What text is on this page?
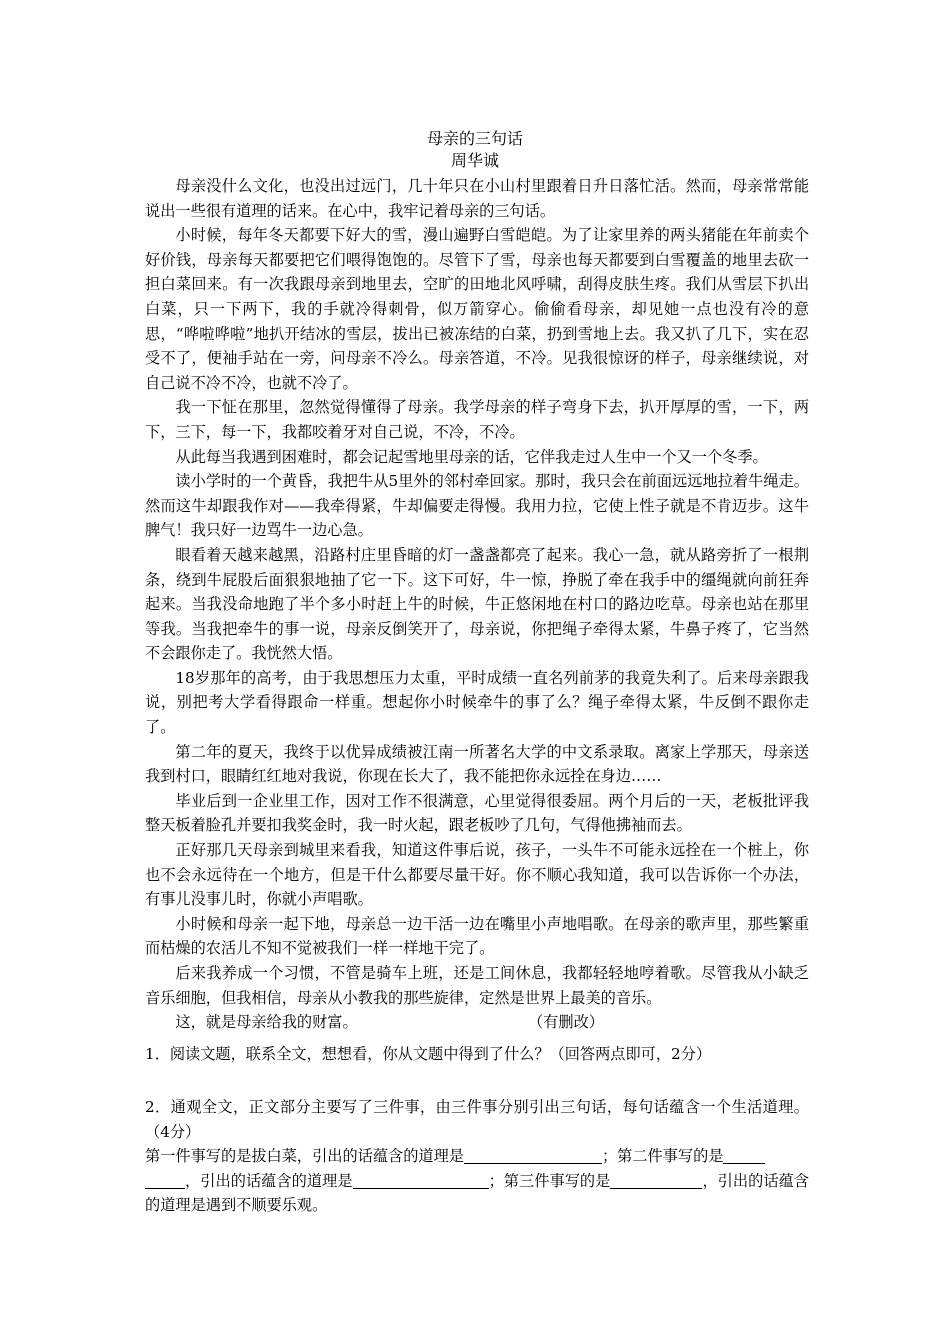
母亲的三句话
周华诚

母亲没什么文化，也没出过远门，几十年只在小山村里跟着日升日落忙活。然而，母亲常常能说出一些很有道理的话来。在心中，我牢记着母亲的三句话。

小时候，每年冬天都要下好大的雪，漫山遍野白雪皑皑。为了让家里养的两头猪能在年前卖个好价钱，母亲每天都要把它们喂得饱饱的。尽管下了雪，母亲也每天都要到白雪覆盖的地里去砍一担白菜回来。有一次我跟母亲到地里去，空旷的田地北风呼啸，刮得皮肤生疼。我们从雪层下扒出白菜，只一下两下，我的手就冷得刺骨，似万箭穿心。偷偷看母亲，却见她一点也没有冷的意思，“哗啦哗啦”地扒开结冰的雪层，拔出已被冻结的白菜，扔到雪地上去。我又扒了几下，实在忍受不了，便袖手站在一旁，问母亲不冷么。母亲答道，不冷。见我很惊讶的样子，母亲继续说，对自己说不冷不冷，也就不冷了。

我一下怔在那里，忽然觉得懂得了母亲。我学母亲的样子弯身下去，扒开厚厚的雪，一下，两下，三下，每一下，我都咬着牙对自己说，不冷，不冷。

从此每当我遇到困难时，都会记起雪地里母亲的话，它伴我走过人生中一个又一个冬季。

读小学时的一个黄昏，我把牛从5里外的邻村牵回家。那时，我只会在前面远远地拉着牛绳走。然而这牛却跟我作对——我牵得紧，牛却偏要走得慢。我用力拉，它使上性子就是不肯迈步。这牛脾气！我只好一边骂牛一边心急。

眼看着天越来越黑，沿路村庄里昏暗的灯一盏盏都亮了起来。我心一急，就从路旁折了一根荆条，绕到牛屁股后面狠狠地抽了它一下。这下可好，牛一惊，挣脱了牵在我手中的缰绳就向前狂奔起来。当我没命地跑了半个多小时赶上牛的时候，牛正悠闲地在村口的路边吃草。母亲也站在那里等我。当我把牵牛的事一说，母亲反倒笑开了，母亲说，你把绳子牵得太紧，牛鼻子疼了，它当然不会跟你走了。我恍然大悟。

18岁那年的高考，由于我思想压力太重，平时成绩一直名列前茅的我竟失利了。后来母亲跟我说，别把考大学看得跟命一样重。想起你小时候牵牛的事了么？绳子牵得太紧，牛反倒不跟你走了。

第二年的夏天，我终于以优异成绩被江南一所著名大学的中文系录取。离家上学那天，母亲送我到村口，眼睛红红地对我说，你现在长大了，我不能把你永远拴在身边……

毕业后到一企业里工作，因对工作不很满意，心里觉得很委屈。两个月后的一天，老板批评我整天板着脸孔并要扣我奖金时，我一时火起，跟老板吵了几句，气得他拂袖而去。

正好那几天母亲到城里来看我，知道这件事后说，孩子，一头牛不可能永远拴在一个桩上，你也不会永远待在一个地方，但是干什么都要尽量干好。你不顺心我知道，我可以告诉你一个办法，有事儿没事儿时，你就小声唱歌。

小时候和母亲一起下地，母亲总一边干活一边在嘴里小声地唱歌。在母亲的歌声里，那些繁重而枯燥的农活儿不知不觉被我们一样一样地干完了。

后来我养成一个习惯，不管是骑车上班，还是工间休息，我都轻轻地哼着歌。尽管我从小缺乏音乐细胞，但我相信，母亲从小教我的那些旋律，定然是世界上最美的音乐。

这，就是母亲给我的财富。	（有删改）

1．阅读文题，联系全文，想想看，你从文题中得到了什么？（回答两点即可，2分）

2．通观全文，正文部分主要写了三件事，由三件事分别引出三句话，每句话蕴含一个生活道理。（4分）

第一件事写的是拔白菜，引出的话蕴含的道理是	；第二件事写的是
，引出的话蕴含的道理是	；第三件事写的是	，引出的话蕴含的道理是遇到不顺要乐观。
